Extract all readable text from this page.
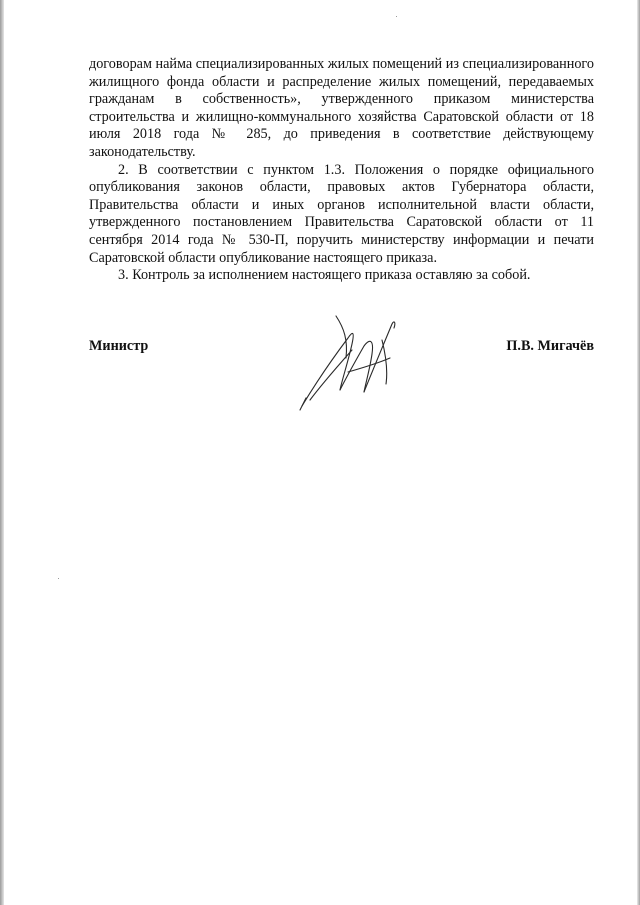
договорам найма специализированных жилых помещений из специализированного жилищного фонда области и распределение жилых помещений, передаваемых гражданам в собственность», утвержденного приказом министерства строительства и жилищно-коммунального хозяйства Саратовской области от 18 июля 2018 года № 285, до приведения в соответствие действующему законодательству.

2. В соответствии с пунктом 1.3. Положения о порядке официального опубликования законов области, правовых актов Губернатора области, Правительства области и иных органов исполнительной власти области, утвержденного постановлением Правительства Саратовской области от 11 сентября 2014 года № 530-П, поручить министерству информации и печати Саратовской области опубликование настоящего приказа.

3. Контроль за исполнением настоящего приказа оставляю за собой.

Министр	П.В. Мигачёв
